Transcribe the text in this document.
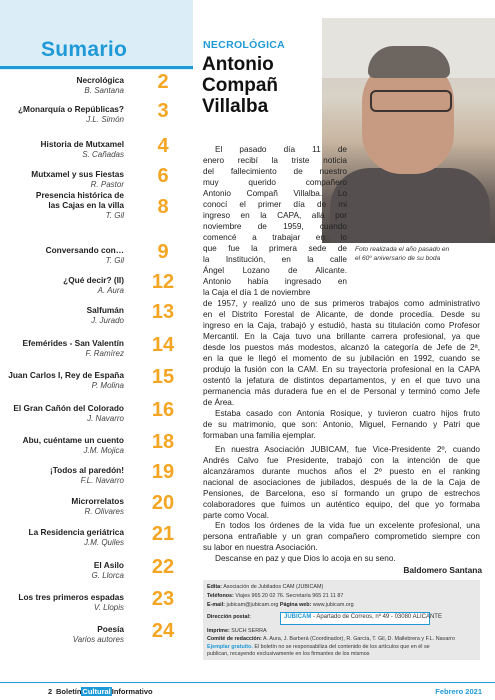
Sumario
Necrológica
B. Santana	2
¿Monarquía o Repúblicas?
J.L. Simón	3
Historia de Mutxamel
S. Cañadas	4
Mutxamel y sus Fiestas
R. Pastor	6
Presencia histórica de
las Cajas en la villa
T. Gil	8
Conversando con…
T. Gil	9
¿Qué decir? (II)
A. Aura	12
Salfumán
J. Jurado	13
Efemérides - San Valentín
F. Ramírez	14
Juan Carlos I, Rey de España
P. Molina	15
El Gran Cañón del Colorado
J. Navarro	16
Abu, cuéntame un cuento
J.M. Mojica	18
¡Todos al paredón!
F.L. Navarro	19
Microrrelatos
R. Olivares	20
La Residencia geriátrica
J.M. Quiles	21
El Asilo
G. Llorca	22
Los tres primeros espadas
V. Llopis	23
Poesía
Varios autores	24
NECROLÓGICA
Antonio
Compañ
Villalba
Foto realizada el año pasado en
el 60º aniversario de su boda
El pasado día 11 de
enero recibí la triste noticia
del fallecimiento de nuestro
muy querido compañero
Antonio Compañ Villalba. Lo
conocí el primer día de mi
ingreso en la CAPA, allá por
noviembre de 1959, cuando
comencé a trabajar en lo
que fue la primera sede de
la Institución, en la calle
Ángel Lozano de Alicante.
Antonio había ingresado en
la Caja el día 1 de noviembre
de 1957, y realizó uno de sus primeros trabajos como administrativo
en el Distrito Forestal de Alicante, de donde procedía. Desde su
ingreso en la Caja, trabajó y estudió, hasta su titulación como Profesor
Mercantil. En la Caja tuvo una brillante carrera profesional, ya que
desde los puestos más modestos, alcanzó la categoría de Jefe de 2ª,
en la que le llegó el momento de su jubilación en 1992, cuando se
produjo la fusión con la CAM. En su trayectoria profesional en la CAPA
ostentó la jefatura de distintos departamentos, y en el que tuvo una
permanencia más duradera fue en el de Personal y terminó como Jefe
de Área.
Estaba casado con Antonia Rosique, y tuvieron cuatro hijos fruto
de su matrimonio, que son: Antonio, Miguel, Fernando y Patri que
formaban una familia ejemplar.
En nuestra Asociación JUBICAM, fue Vice-Presidente 2º, cuando
Andrés Calvo fue Presidente, trabajó con la intención de que
alcanzáramos durante muchos años el 2º puesto en el ranking
nacional de asociaciones de jubilados, después de la de la Caja de
Pensiones, de Barcelona, eso sí formando un grupo de estrechos
colaboradores que fuimos un auténtico equipo, del que yo formaba
parte como Vocal.
En todos los órdenes de la vida fue un excelente profesional, una
persona entrañable y un gran compañero comprometido siempre con
su labor en nuestra Asociación.
Descanse en paz y que Dios lo acoja en su seno.
Baldomero Santana
Edita: Asociación de Jubilados CAM (JUBICAM)
Teléfonos: Viajes 965 20 02 76. Secretaría 965 21 11 87
E-mail: jubicam@jubicam.org Página web: www.jubicam.org
Dirección postal:	JUBICAM - Apartado de Correos, nº 49 - 03080 ALICANTE
Imprime: SUCH SERRA
Comité de redacción: A. Aura, J. Barberá (Coordinador), R. García, T. Gil, D. Mallebrera y F.L. Navarro
Ejemplar gratuito. El boletín no se responsabiliza del contenido de los artículos que en él se
publican, recayendo exclusivamente en los firmantes de los mismos
2 BoletínCulturalInformativo	Febrero 2021
